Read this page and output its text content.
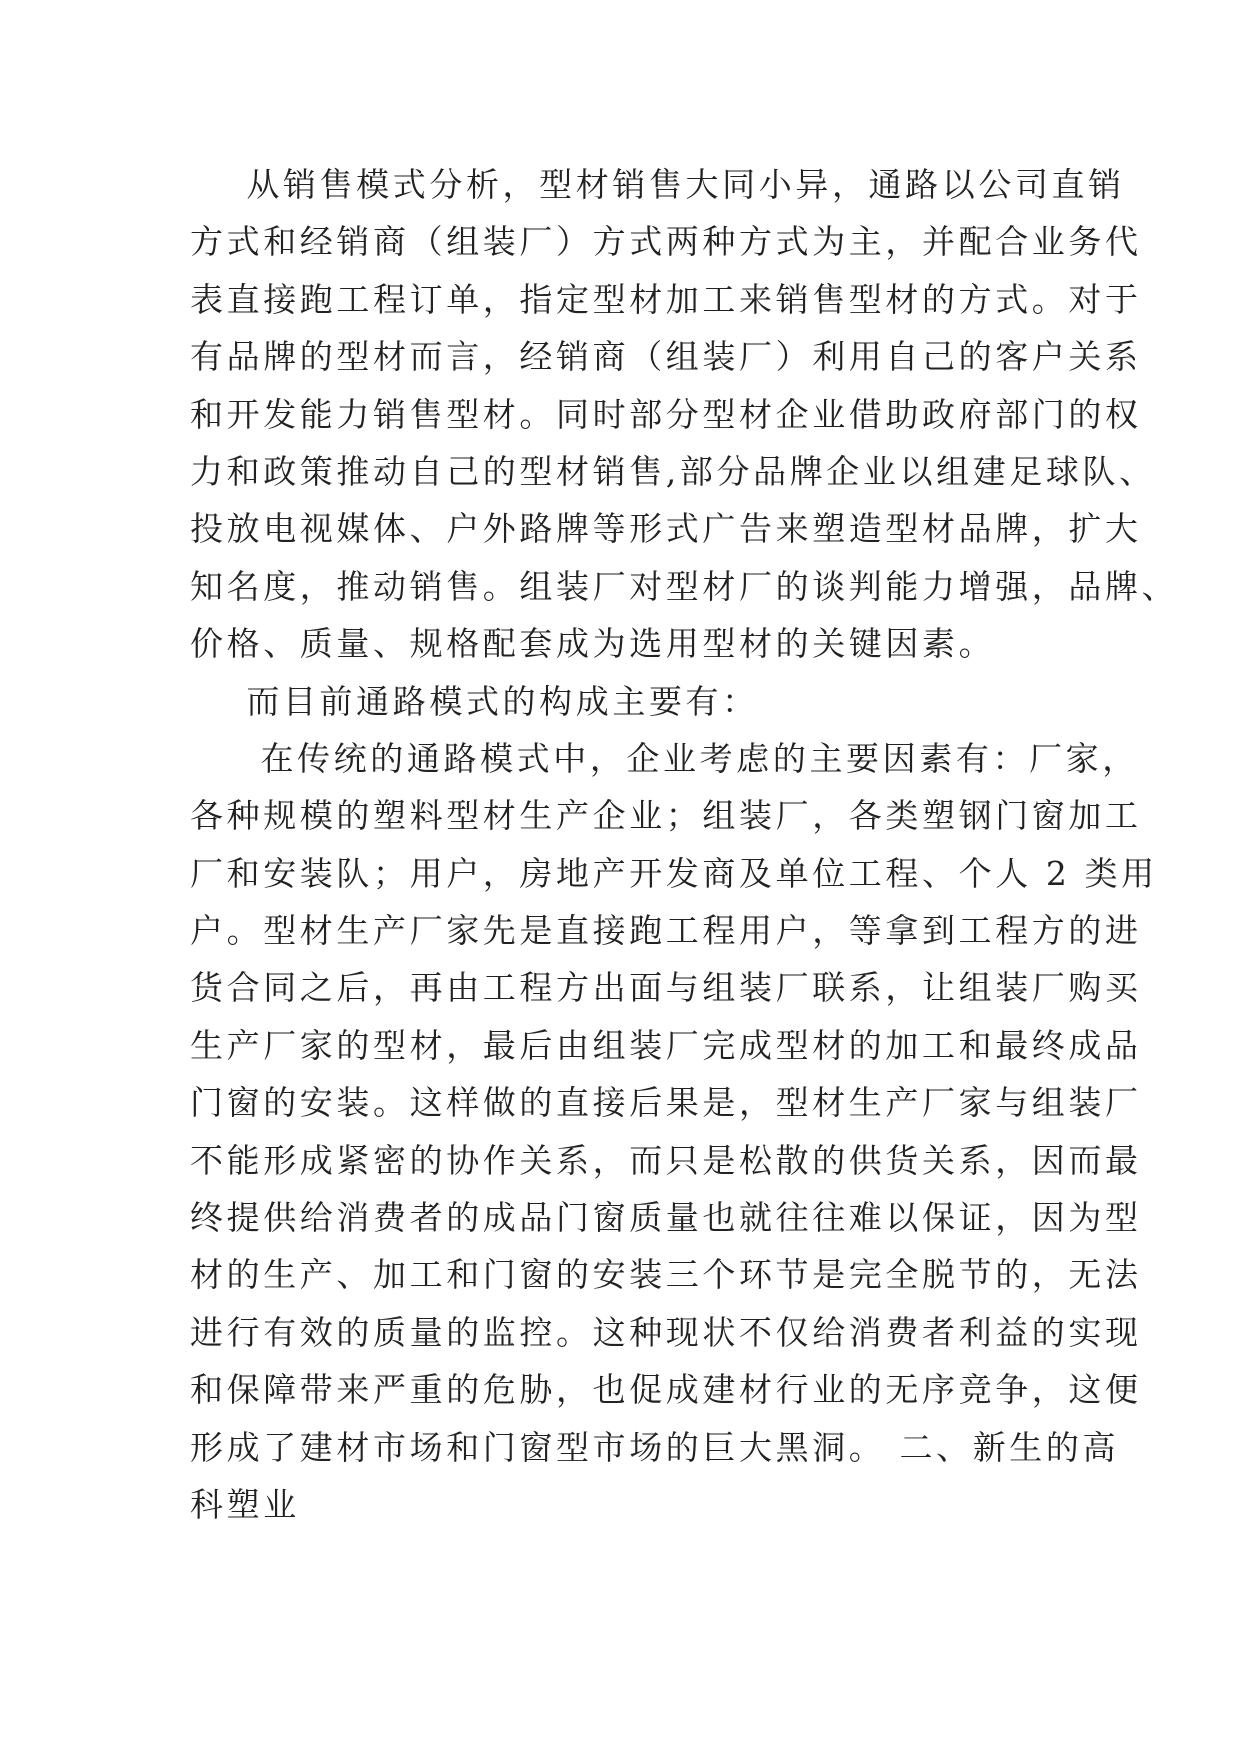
从销售模式分析，型材销售大同小异，通路以公司直销
方式和经销商（组装厂）方式两种方式为主，并配合业务代
表直接跑工程订单，指定型材加工来销售型材的方式。对于
有品牌的型材而言，经销商（组装厂）利用自己的客户关系
和开发能力销售型材。同时部分型材企业借助政府部门的权
力和政策推动自己的型材销售,部分品牌企业以组建足球队、
投放电视媒体、户外路牌等形式广告来塑造型材品牌，扩大
知名度，推动销售。组装厂对型材厂的谈判能力增强，品牌、
价格、质量、规格配套成为选用型材的关键因素。
而目前通路模式的构成主要有：
在传统的通路模式中，企业考虑的主要因素有：厂家，
各种规模的塑料型材生产企业；组装厂，各类塑钢门窗加工
厂和安装队；用户，房地产开发商及单位工程、个人 2 类用
户。型材生产厂家先是直接跑工程用户，等拿到工程方的进
货合同之后，再由工程方出面与组装厂联系，让组装厂购买
生产厂家的型材，最后由组装厂完成型材的加工和最终成品
门窗的安装。这样做的直接后果是，型材生产厂家与组装厂
不能形成紧密的协作关系，而只是松散的供货关系，因而最
终提供给消费者的成品门窗质量也就往往难以保证，因为型
材的生产、加工和门窗的安装三个环节是完全脱节的，无法
进行有效的质量的监控。这种现状不仅给消费者利益的实现
和保障带来严重的危胁，也促成建材行业的无序竞争，这便
形成了建材市场和门窗型市场的巨大黑洞。 二、新生的高
科塑业
